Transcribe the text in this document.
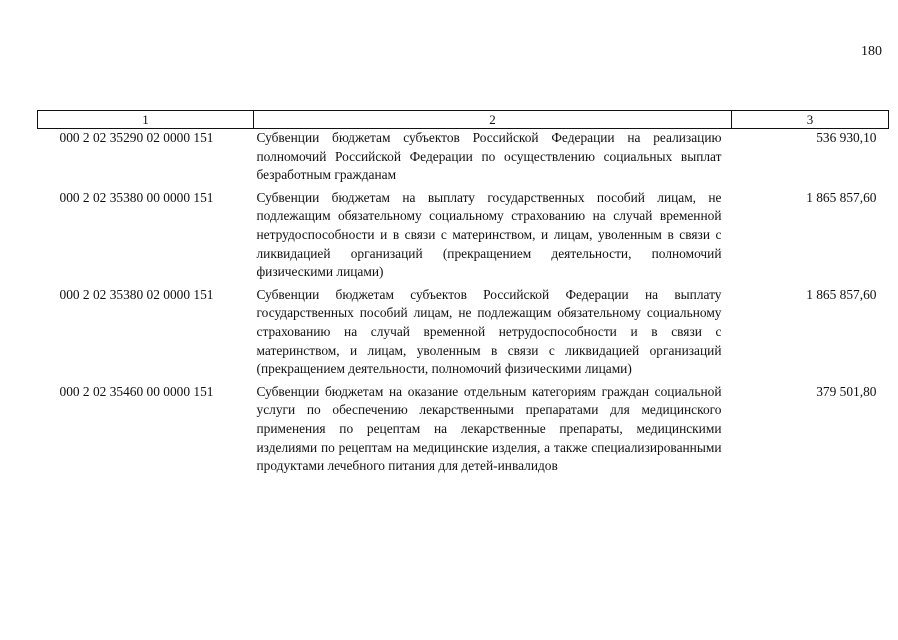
180
1	2	3
000 2 02 35290 02 0000 151	Субвенции бюджетам субъектов Российской Федерации на реализацию полномочий Российской Федерации по осуществлению социальных выплат безработным гражданам	536 930,10
000 2 02 35380 00 0000 151	Субвенции бюджетам на выплату государственных пособий лицам, не подлежащим обязательному социальному страхованию на случай временной нетрудоспособности и в связи с материнством, и лицам, уволенным в связи с ликвидацией организаций (прекращением деятельности, полномочий физическими лицами)	1 865 857,60
000 2 02 35380 02 0000 151	Субвенции бюджетам субъектов Российской Федерации на выплату государственных пособий лицам, не подлежащим обязательному социальному страхованию на случай временной нетрудоспособности и в связи с материнством, и лицам, уволенным в связи с ликвидацией организаций (прекращением деятельности, полномочий физическими лицами)	1 865 857,60
000 2 02 35460 00 0000 151	Субвенции бюджетам на оказание отдельным категориям граждан социальной услуги по обеспечению лекарственными препаратами для медицинского применения по рецептам на лекарственные препараты, медицинскими изделиями по рецептам на медицинские изделия, а также специализированными продуктами лечебного питания для детей-инвалидов	379 501,80
